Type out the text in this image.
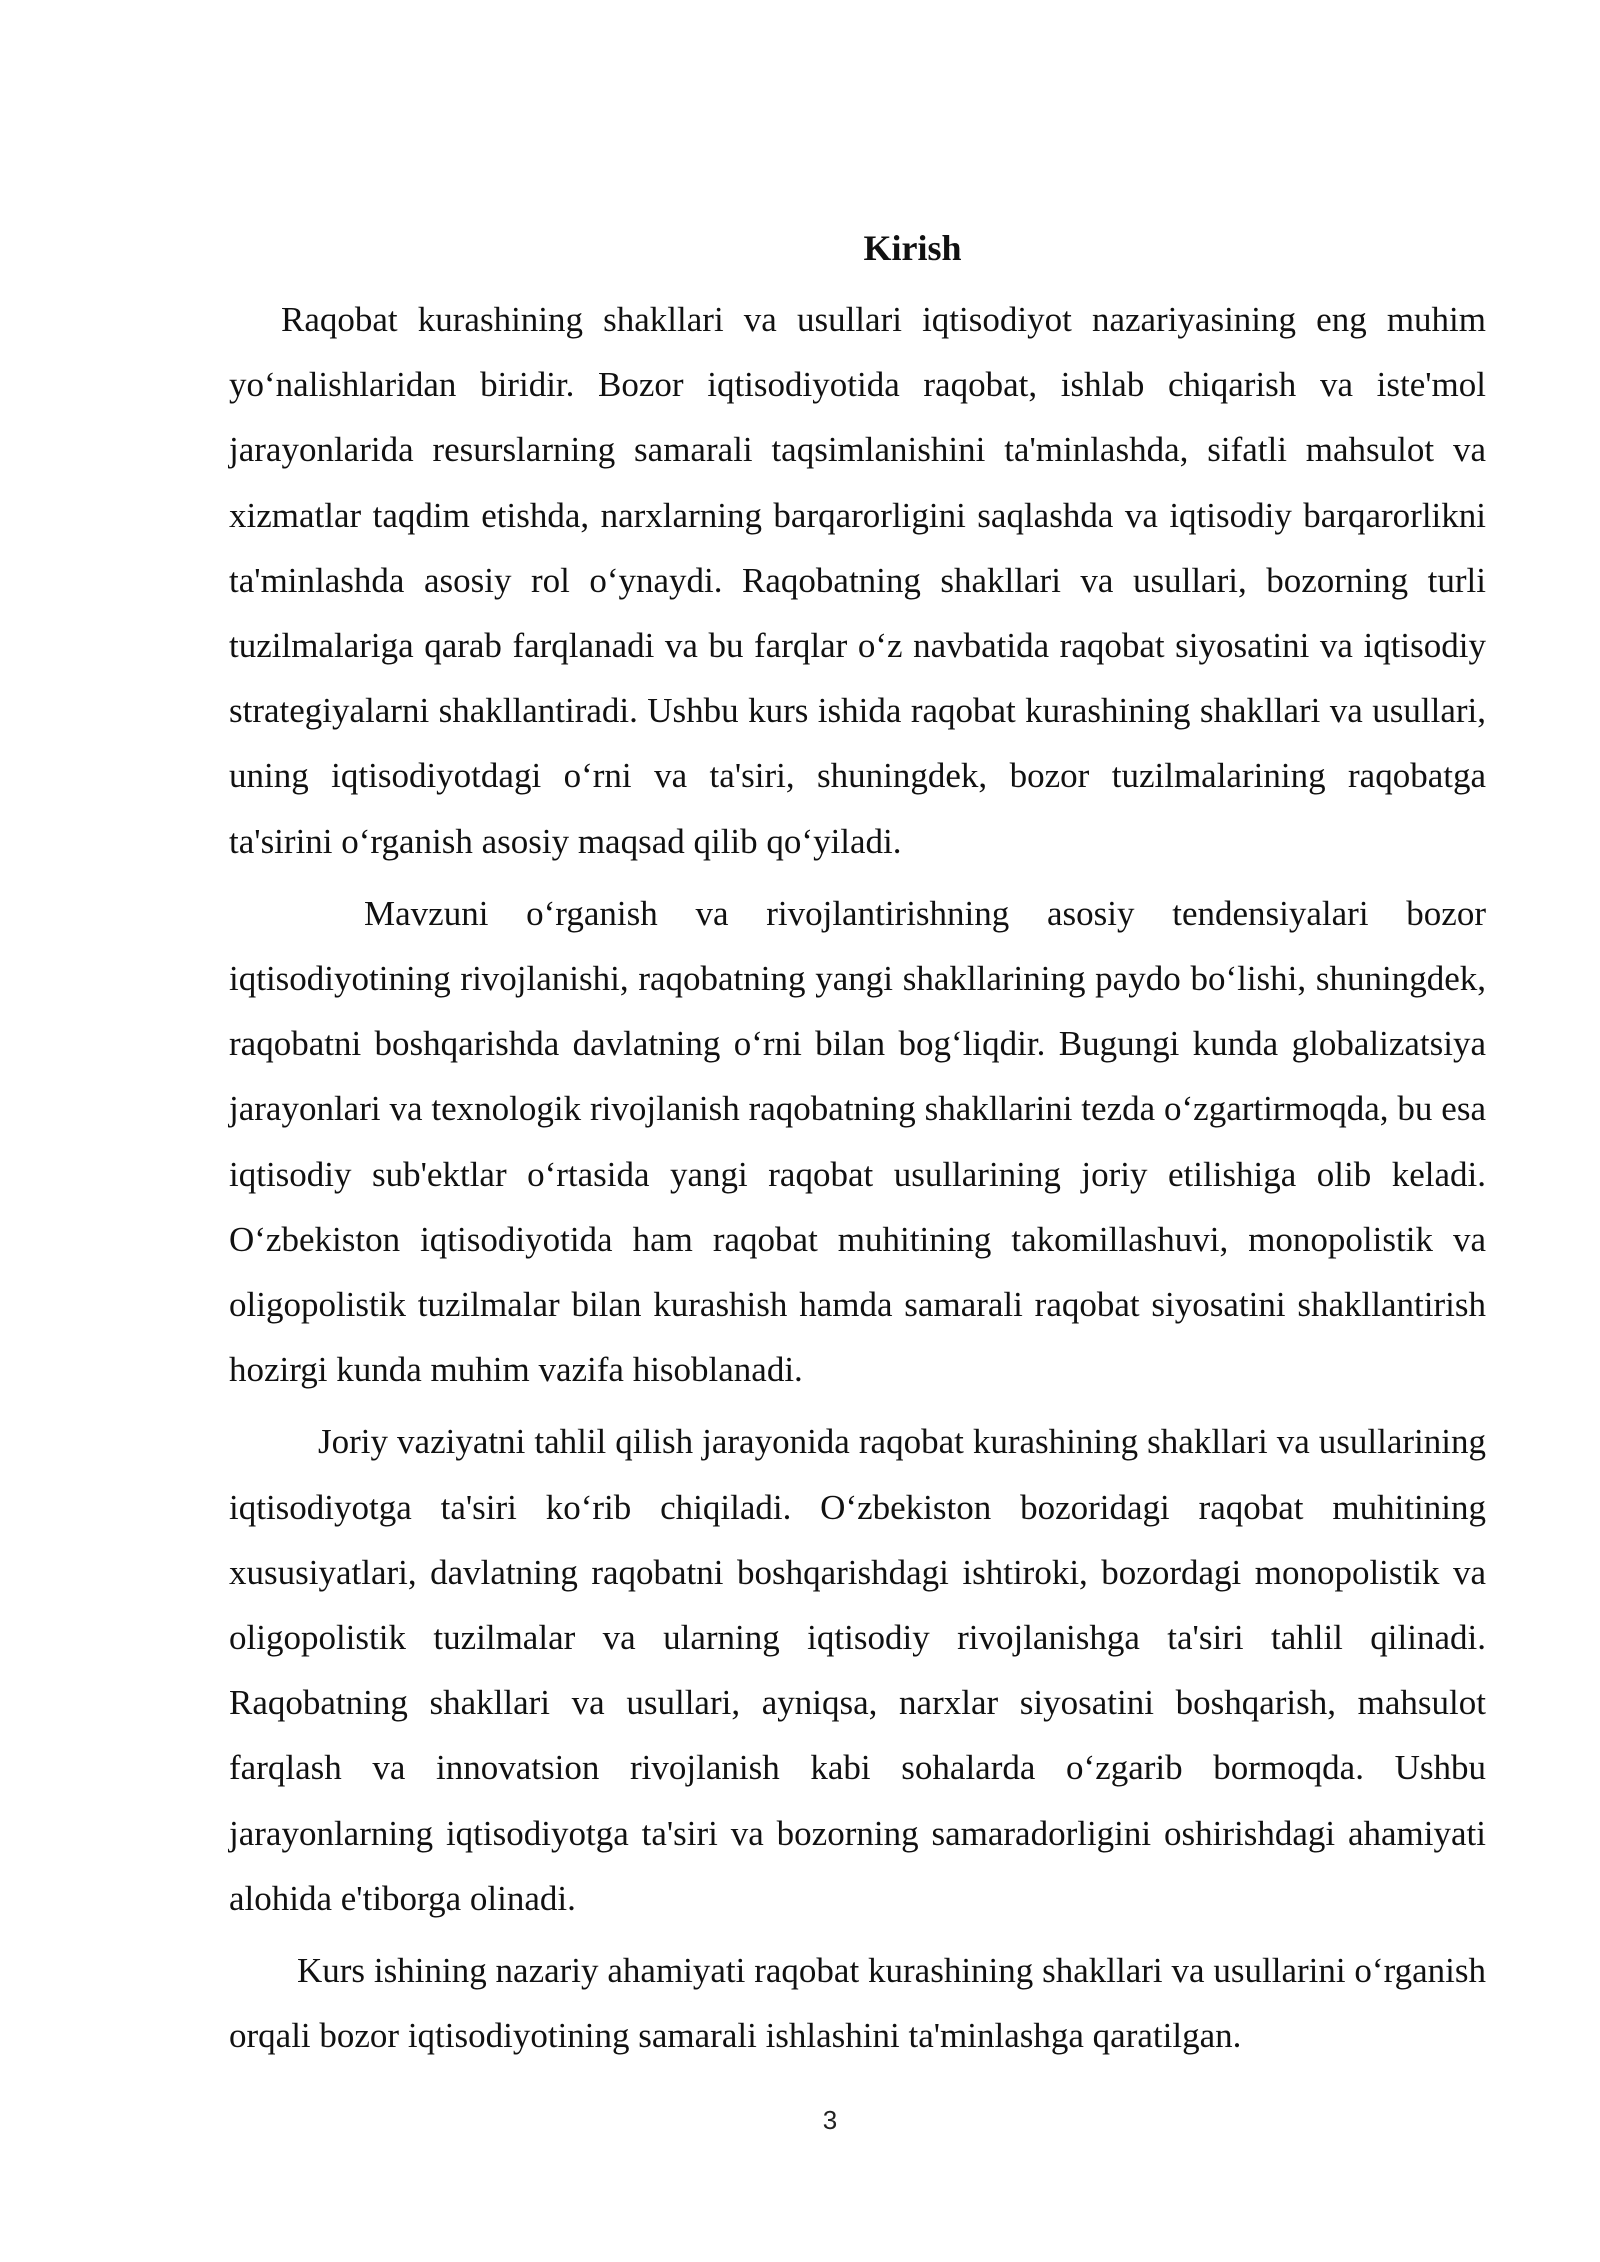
Kirish

Raqobat kurashining shakllari va usullari iqtisodiyot nazariyasining eng muhim yoʻnalishlaridan biridir. Bozor iqtisodiyotida raqobat, ishlab chiqarish va iste'mol jarayonlarida resurslarning samarali taqsimlanishini ta'minlashda, sifatli mahsulot va xizmatlar taqdim etishda, narxlarning barqarorligini saqlashda va iqtisodiy barqarorlikni ta'minlashda asosiy rol oʻynaydi. Raqobatning shakllari va usullari, bozorning turli tuzilmalariga qarab farqlanadi va bu farqlar oʻz navbatida raqobat siyosatini va iqtisodiy strategiyalarni shakllantiradi. Ushbu kurs ishida raqobat kurashining shakllari va usullari, uning iqtisodiyotdagi oʻrni va ta'siri, shuningdek, bozor tuzilmalarining raqobatga ta'sirini oʻrganish asosiy maqsad qilib qoʻyiladi.

Mavzuni oʻrganish va rivojlantirishning asosiy tendensiyalari bozor iqtisodiyotining rivojlanishi, raqobatning yangi shakllarining paydo boʻlishi, shuningdek, raqobatni boshqarishda davlatning oʻrni bilan bogʻliqdir. Bugungi kunda globalizatsiya jarayonlari va texnologik rivojlanish raqobatning shakllarini tezda oʻzgartirmoqda, bu esa iqtisodiy sub'ektlar oʻrtasida yangi raqobat usullarining joriy etilishiga olib keladi. Oʻzbekiston iqtisodiyotida ham raqobat muhitining takomillashuvi, monopolistik va oligopolistik tuzilmalar bilan kurashish hamda samarali raqobat siyosatini shakllantirish hozirgi kunda muhim vazifa hisoblanadi.

Joriy vaziyatni tahlil qilish jarayonida raqobat kurashining shakllari va usullarining iqtisodiyotga ta'siri koʻrib chiqiladi. Oʻzbekiston bozoridagi raqobat muhitining xususiyatlari, davlatning raqobatni boshqarishdagi ishtiroki, bozordagi monopolistik va oligopolistik tuzilmalar va ularning iqtisodiy rivojlanishga ta'siri tahlil qilinadi. Raqobatning shakllari va usullari, ayniqsa, narxlar siyosatini boshqarish, mahsulot farqlash va innovatsion rivojlanish kabi sohalarda oʻzgarib bormoqda. Ushbu jarayonlarning iqtisodiyotga ta'siri va bozorning samaradorligini oshirishdagi ahamiyati alohida e'tiborga olinadi.

Kurs ishining nazariy ahamiyati raqobat kurashining shakllari va usullarini oʻrganish orqali bozor iqtisodiyotining samarali ishlashini ta'minlashga qaratilgan.

3
